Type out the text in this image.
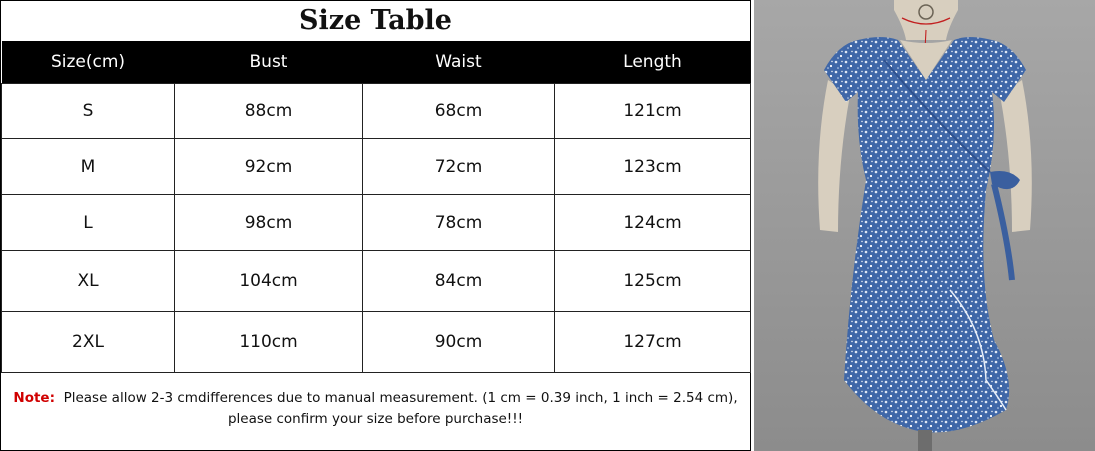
Size Table
Size(cm)	Bust	Waist	Length
S	88cm	68cm	121cm
M	92cm	72cm	123cm
L	98cm	78cm	124cm
XL	104cm	84cm	125cm
2XL	110cm	90cm	127cm
Note: Please allow 2-3 cmdifferences due to manual measurement. (1 cm = 0.39 inch, 1 inch = 2.54 cm), please confirm your size before purchase!!!
